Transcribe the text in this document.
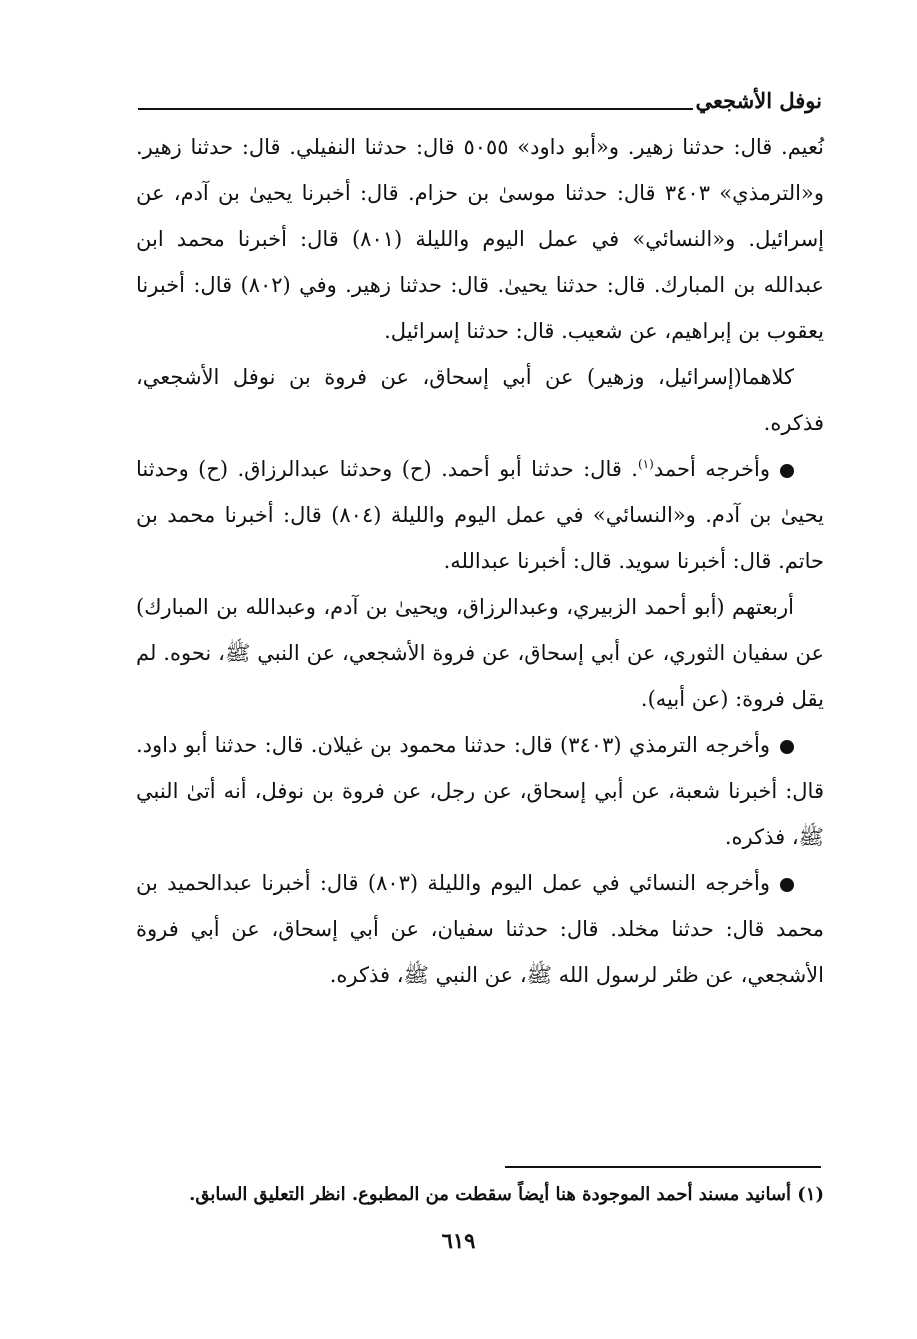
نوفل الأشجعي

نُعيم. قال: حدثنا زهير. و«أبو داود» ٥٠٥٥ قال: حدثنا النفيلي. قال: حدثنا زهير. و«الترمذي» ٣٤٠٣ قال: حدثنا موسىٰ بن حزام. قال: أخبرنا يحيىٰ بن آدم، عن إسرائيل. و«النسائي» في عمل اليوم والليلة (٨٠١) قال: أخبرنا محمد ابن عبدالله بن المبارك. قال: حدثنا يحيىٰ. قال: حدثنا زهير. وفي (٨٠٢) قال: أخبرنا يعقوب بن إبراهيم، عن شعيب. قال: حدثنا إسرائيل.

كلاهما(إسرائيل، وزهير) عن أبي إسحاق، عن فروة بن نوفل الأشجعي، فذكره.

وأخرجه أحمد$^{(١)}$. قال: حدثنا أبو أحمد. (ح) وحدثنا عبدالرزاق. (ح) وحدثنا يحيىٰ بن آدم. و«النسائي» في عمل اليوم والليلة (٨٠٤) قال: أخبرنا محمد بن حاتم. قال: أخبرنا سويد. قال: أخبرنا عبدالله.

أربعتهم (أبو أحمد الزبيري، وعبدالرزاق، ويحيىٰ بن آدم، وعبدالله بن المبارك) عن سفيان الثوري، عن أبي إسحاق، عن فروة الأشجعي، عن النبي ﷺ، نحوه. لم يقل فروة: (عن أبيه).

وأخرجه الترمذي (٣٤٠٣) قال: حدثنا محمود بن غيلان. قال: حدثنا أبو داود. قال: أخبرنا شعبة، عن أبي إسحاق، عن رجل، عن فروة بن نوفل، أنه أتىٰ النبي ﷺ، فذكره.

وأخرجه النسائي في عمل اليوم والليلة (٨٠٣) قال: أخبرنا عبدالحميد بن محمد قال: حدثنا مخلد. قال: حدثنا سفيان، عن أبي إسحاق، عن أبي فروة الأشجعي، عن ظئر لرسول الله ﷺ، عن النبي ﷺ، فذكره.

(١) أسانيد مسند أحمد الموجودة هنا أيضاً سقطت من المطبوع. انظر التعليق السابق.
٦١٩
